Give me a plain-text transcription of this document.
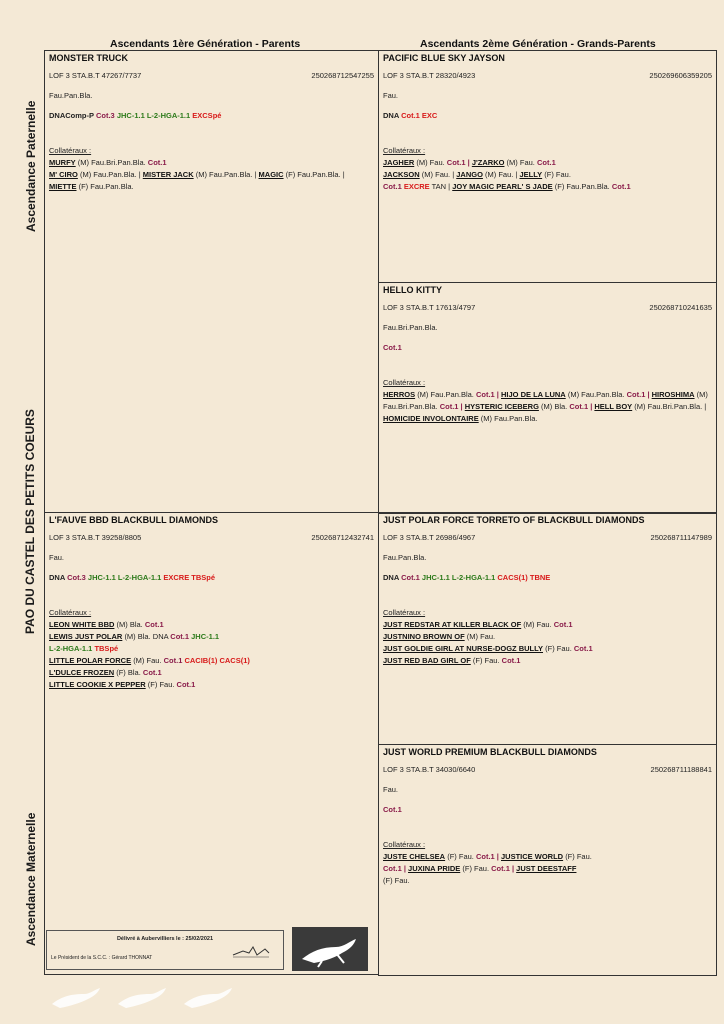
Ascendants 1ère Génération - Parents	Ascendants 2ème Génération - Grands-Parents
Ascendance Paternelle
PAO DU CASTEL DES PETITS COEURS
Ascendance Maternelle
MONSTER TRUCK
LOF 3 STA.B.T 47267/7737	250268712547255
Fau.Pan.Bla.
DNAComp-P Cot.3 JHC-1.1 L-2-HGA-1.1 EXCSpé
Collatéraux :
MURFY (M) Fau.Bri.Pan.Bla. Cot.1
M' CIRO (M) Fau.Pan.Bla. | MISTER JACK (M) Fau.Pan.Bla. | MAGIC (F) Fau.Pan.Bla. | MIETTE (F) Fau.Pan.Bla.
PACIFIC BLUE SKY JAYSON
LOF 3 STA.B.T 28320/4923	250269606359205
Fau.
DNA Cot.1 EXC
Collatéraux :
JAGHER (M) Fau. Cot.1 | J'ZARKO (M) Fau. Cot.1
JACKSON (M) Fau. | JANGO (M) Fau. | JELLY (F) Fau.
Cot.1 EXCRE TAN | JOY MAGIC PEARL' S JADE (F) Fau.Pan.Bla. Cot.1
HELLO KITTY
LOF 3 STA.B.T 17613/4797	250268710241635
Fau.Bri.Pan.Bla.
Cot.1
Collatéraux :
HERROS (M) Fau.Pan.Bla. Cot.1 | HIJO DE LA LUNA (M) Fau.Pan.Bla. Cot.1 | HIROSHIMA (M) Fau.Bri.Pan.Bla. Cot.1 | HYSTERIC ICEBERG (M) Bla. Cot.1 | HELL BOY (M) Fau.Bri.Pan.Bla. | HOMICIDE INVOLONTAIRE (M) Fau.Pan.Bla.
L'FAUVE BBD BLACKBULL DIAMONDS
LOF 3 STA.B.T 39258/8805	250268712432741
Fau.
DNA Cot.3 JHC-1.1 L-2-HGA-1.1 EXCRE TBSpé
Collatéraux :
LEON WHITE BBD (M) Bla. Cot.1
LEWIS JUST POLAR (M) Bla. DNA Cot.1 JHC-1.1
L-2-HGA-1.1 TBSpé
LITTLE POLAR FORCE (M) Fau. Cot.1 CACIB(1) CACS(1)
L'DULCE FROZEN (F) Bla. Cot.1
LITTLE COOKIE X PEPPER (F) Fau. Cot.1
JUST POLAR FORCE TORRETO OF BLACKBULL DIAMONDS
LOF 3 STA.B.T 26986/4967	250268711147989
Fau.Pan.Bla.
DNA Cot.1 JHC-1.1 L-2-HGA-1.1 CACS(1) TBNE
Collatéraux :
JUST REDSTAR AT KILLER BLACK OF (M) Fau. Cot.1
JUSTNINO BROWN OF (M) Fau.
JUST GOLDIE GIRL AT NURSE-DOGZ BULLY (F) Fau. Cot.1
JUST RED BAD GIRL OF (F) Fau. Cot.1
JUST WORLD PREMIUM BLACKBULL DIAMONDS
LOF 3 STA.B.T 34030/6640	250268711188841
Fau.
Cot.1
Collatéraux :
JUSTE CHELSEA (F) Fau. Cot.1 | JUSTICE WORLD (F) Fau.
Cot.1 | JUXINA PRIDE (F) Fau. Cot.1 | JUST DEESTAFF
(F) Fau.
Délivré à Aubervilliers le : 25/02/2021
Le Président de la S.C.C. : Gérard THONNAT
